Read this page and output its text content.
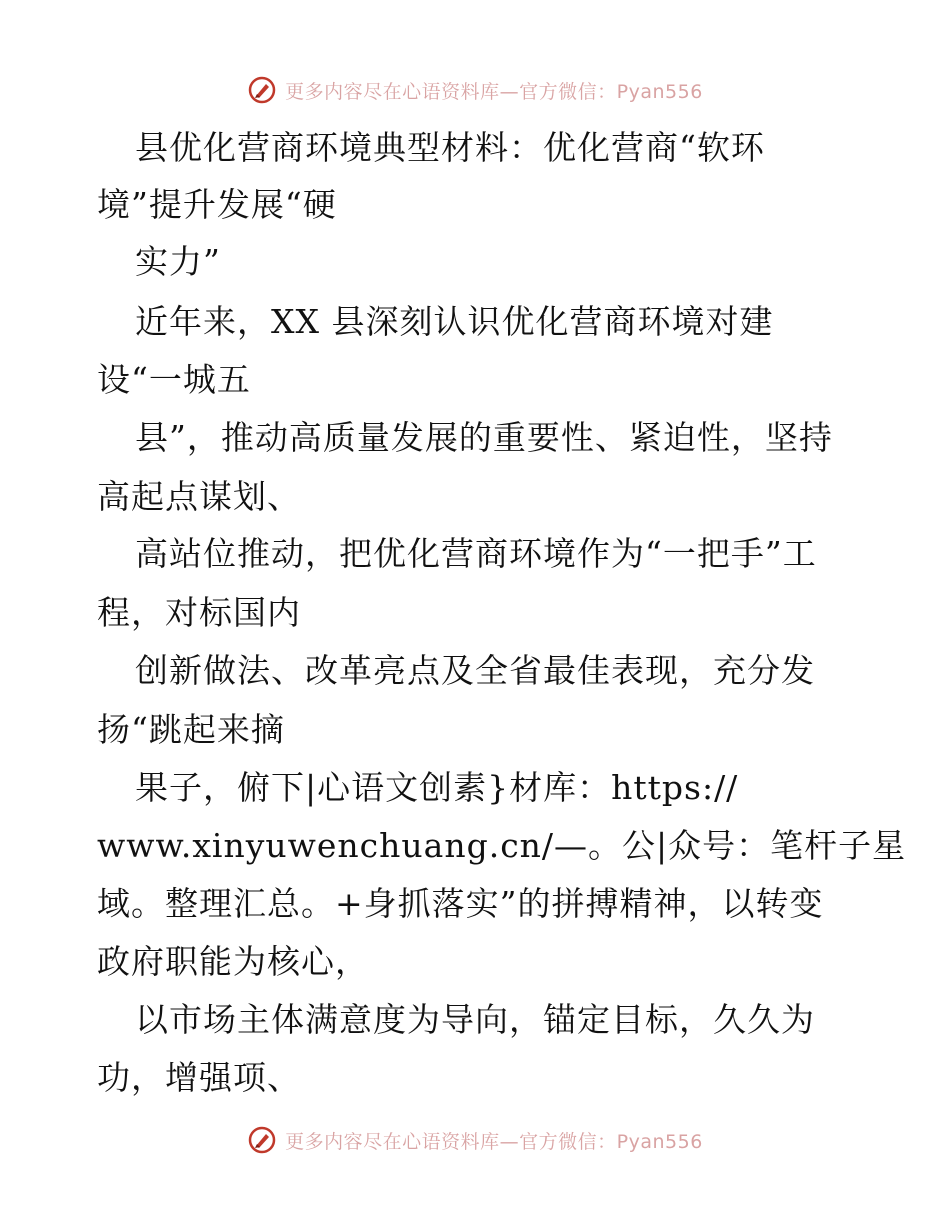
更多内容尽在心语资料库—官方微信：Pyan556
县优化营商环境典型材料：优化营商“软环
境”提升发展“硬
实力”
近年来，XX 县深刻认识优化营商环境对建
设“一城五
县”，推动高质量发展的重要性、紧迫性，坚持
高起点谋划、
高站位推动，把优化营商环境作为“一把手”工
程，对标国内
创新做法、改革亮点及全省最佳表现，充分发
扬“跳起来摘
果子，俯下|心语文创素}材库：https://
www.xinyuwenchuang.cn/—。公|众号：笔杆子星
域。整理汇总。+身抓落实”的拼搏精神，以转变
政府职能为核心，
以市场主体满意度为导向，锚定目标，久久为
功，增强项、
更多内容尽在心语资料库—官方微信：Pyan556
